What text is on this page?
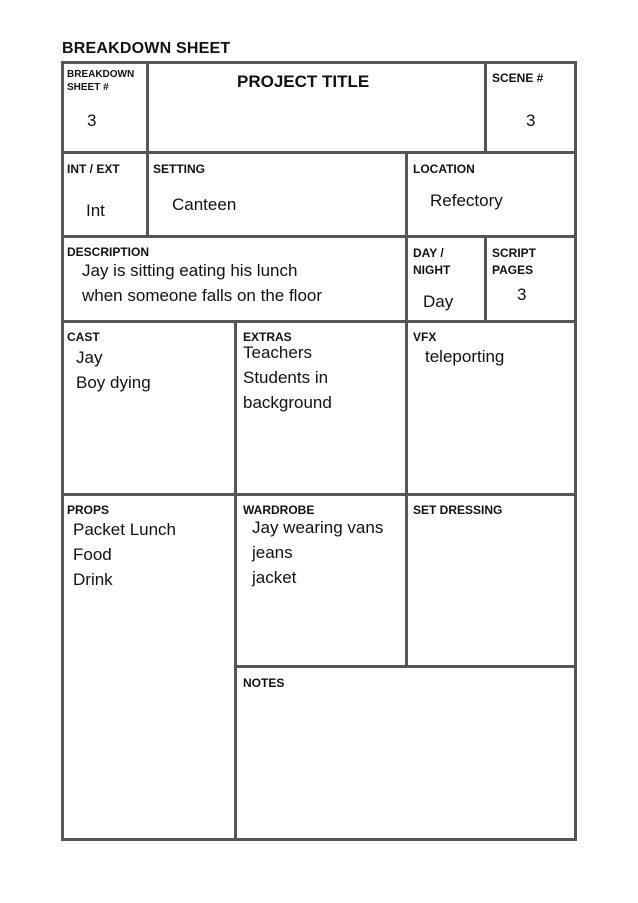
BREAKDOWN SHEET
BREAKDOWN
SHEET #
3
PROJECT TITLE	SCENE #
3
INT / EXT
Int
SETTING
Canteen
LOCATION
Refectory
DESCRIPTION
Jay is sitting eating his lunch
when someone falls on the floor
DAY /
NIGHT
Day
SCRIPT
PAGES
3
CAST
Jay
Boy dying
EXTRAS
Teachers
Students in
background
VFX
teleporting
PROPS
Packet Lunch
Food
Drink
WARDROBE
Jay wearing vans
jeans
jacket
SET DRESSING
NOTES
